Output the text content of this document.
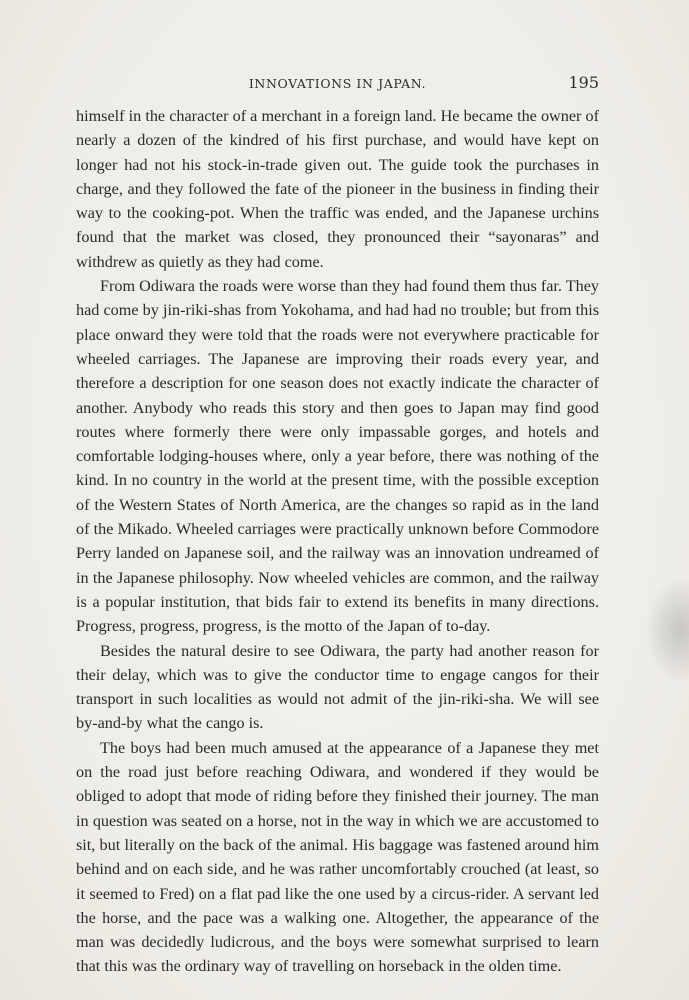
INNOVATIONS IN JAPAN.	195

himself in the character of a merchant in a foreign land. He became the owner of nearly a dozen of the kindred of his first purchase, and would have kept on longer had not his stock-in-trade given out. The guide took the purchases in charge, and they followed the fate of the pioneer in the business in finding their way to the cooking-pot. When the traffic was ended, and the Japanese urchins found that the market was closed, they pronounced their “sayonaras” and withdrew as quietly as they had come.

From Odiwara the roads were worse than they had found them thus far. They had come by jin-riki-shas from Yokohama, and had had no trouble; but from this place onward they were told that the roads were not everywhere practicable for wheeled carriages. The Japanese are improving their roads every year, and therefore a description for one season does not exactly indicate the character of another. Anybody who reads this story and then goes to Japan may find good routes where formerly there were only impassable gorges, and hotels and comfortable lodging-houses where, only a year before, there was nothing of the kind. In no country in the world at the present time, with the possible exception of the Western States of North America, are the changes so rapid as in the land of the Mikado. Wheeled carriages were practically unknown before Commodore Perry landed on Japanese soil, and the railway was an innovation undreamed of in the Japanese philosophy. Now wheeled vehicles are common, and the railway is a popular institution, that bids fair to extend its benefits in many directions. Progress, progress, progress, is the motto of the Japan of to-day.

Besides the natural desire to see Odiwara, the party had another reason for their delay, which was to give the conductor time to engage cangos for their transport in such localities as would not admit of the jin-riki-sha. We will see by-and-by what the cango is.

The boys had been much amused at the appearance of a Japanese they met on the road just before reaching Odiwara, and wondered if they would be obliged to adopt that mode of riding before they finished their journey. The man in question was seated on a horse, not in the way in which we are accustomed to sit, but literally on the back of the animal. His baggage was fastened around him behind and on each side, and he was rather uncomfortably crouched (at least, so it seemed to Fred) on a flat pad like the one used by a circus-rider. A servant led the horse, and the pace was a walking one. Altogether, the appearance of the man was decidedly ludicrous, and the boys were somewhat surprised to learn that this was the ordinary way of travelling on horseback in the olden time.
